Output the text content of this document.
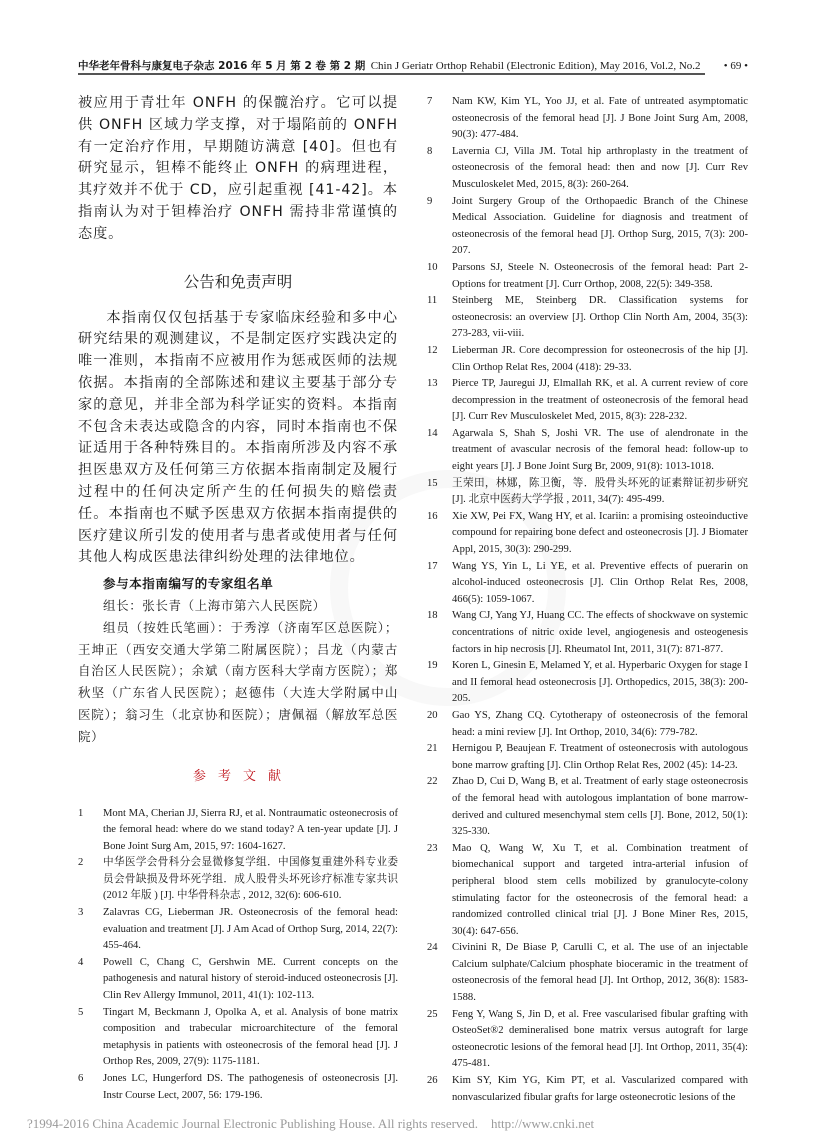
中华老年骨科与康复电子杂志 2016 年 5 月 第 2 卷 第 2 期 Chin J Geriatr Orthop Rehabil (Electronic Edition), May 2016, Vol.2, No.2	• 69 •

被应用于青壮年 ONFH 的保髋治疗。它可以提供 ONFH 区域力学支撑，对于塌陷前的 ONFH 有一定治疗作用，早期随访满意 [40]。但也有研究显示，钽棒不能终止 ONFH 的病理进程，其疗效并不优于 CD，应引起重视 [41-42]。本指南认为对于钽棒治疗 ONFH 需持非常谨慎的态度。

公告和免责声明

本指南仅仅包括基于专家临床经验和多中心研究结果的观测建议，不是制定医疗实践决定的唯一准则，本指南不应被用作为惩戒医师的法规依据。本指南的全部陈述和建议主要基于部分专家的意见，并非全部为科学证实的资料。本指南不包含未表达或隐含的内容，同时本指南也不保证适用于各种特殊目的。本指南所涉及内容不承担医患双方及任何第三方依据本指南制定及履行过程中的任何决定所产生的任何损失的赔偿责任。本指南也不赋予医患双方依据本指南提供的医疗建议所引发的使用者与患者或使用者与任何其他人构成医患法律纠纷处理的法律地位。

参与本指南编写的专家组名单

组长：张长青（上海市第六人民医院）

组员（按姓氏笔画）：于秀淳（济南军区总医院）；王坤正（西安交通大学第二附属医院）；吕龙（内蒙古自治区人民医院）；余斌（南方医科大学南方医院）；郑秋坚（广东省人民医院）；赵德伟（大连大学附属中山医院）；翁习生（北京协和医院）；唐佩福（解放军总医院）

参考文献
1	Mont MA, Cherian JJ, Sierra RJ, et al. Nontraumatic osteonecrosis of the femoral head: where do we stand today? A ten-year update [J]. J Bone Joint Surg Am, 2015, 97: 1604-1627.
2	中华医学会骨科分会显微修复学组．中国修复重建外科专业委员会骨缺损及骨坏死学组．成人股骨头坏死诊疗标准专家共识 (2012 年版 ) [J]. 中华骨科杂志 , 2012, 32(6): 606-610.
3	Zalavras CG, Lieberman JR. Osteonecrosis of the femoral head: evaluation and treatment [J]. J Am Acad of Orthop Surg, 2014, 22(7): 455-464.
4	Powell C, Chang C, Gershwin ME. Current concepts on the pathogenesis and natural history of steroid-induced osteonecrosis [J]. Clin Rev Allergy Immunol, 2011, 41(1): 102-113.
5	Tingart M, Beckmann J, Opolka A, et al. Analysis of bone matrix composition and trabecular microarchitecture of the femoral metaphysis in patients with osteonecrosis of the femoral head [J]. J Orthop Res, 2009, 27(9): 1175-1181.
6	Jones LC, Hungerford DS. The pathogenesis of osteonecrosis [J]. Instr Course Lect, 2007, 56: 179-196.
7	Nam KW, Kim YL, Yoo JJ, et al. Fate of untreated asymptomatic osteonecrosis of the femoral head [J]. J Bone Joint Surg Am, 2008, 90(3): 477-484.
8	Lavernia CJ, Villa JM. Total hip arthroplasty in the treatment of osteonecrosis of the femoral head: then and now [J]. Curr Rev Musculoskelet Med, 2015, 8(3): 260-264.
9	Joint Surgery Group of the Orthopaedic Branch of the Chinese Medical Association. Guideline for diagnosis and treatment of osteonecrosis of the femoral head [J]. Orthop Surg, 2015, 7(3): 200-207.
10	Parsons SJ, Steele N. Osteonecrosis of the femoral head: Part 2-Options for treatment [J]. Curr Orthop, 2008, 22(5): 349-358.
11	Steinberg ME, Steinberg DR. Classification systems for osteonecrosis: an overview [J]. Orthop Clin North Am, 2004, 35(3): 273-283, vii-viii.
12	Lieberman JR. Core decompression for osteonecrosis of the hip [J]. Clin Orthop Relat Res, 2004 (418): 29-33.
13	Pierce TP, Jauregui JJ, Elmallah RK, et al. A current review of core decompression in the treatment of osteonecrosis of the femoral head [J]. Curr Rev Musculoskelet Med, 2015, 8(3): 228-232.
14	Agarwala S, Shah S, Joshi VR. The use of alendronate in the treatment of avascular necrosis of the femoral head: follow-up to eight years [J]. J Bone Joint Surg Br, 2009, 91(8): 1013-1018.
15	王荣田，林娜，陈卫衡，等．股骨头坏死的证素辩证初步研究 [J]. 北京中医药大学学报 , 2011, 34(7): 495-499.
16	Xie XW, Pei FX, Wang HY, et al. Icariin: a promising osteoinductive compound for repairing bone defect and osteonecrosis [J]. J Biomater Appl, 2015, 30(3): 290-299.
17	Wang YS, Yin L, Li YE, et al. Preventive effects of puerarin on alcohol-induced osteonecrosis [J]. Clin Orthop Relat Res, 2008, 466(5): 1059-1067.
18	Wang CJ, Yang YJ, Huang CC. The effects of shockwave on systemic concentrations of nitric oxide level, angiogenesis and osteogenesis factors in hip necrosis [J]. Rheumatol Int, 2011, 31(7): 871-877.
19	Koren L, Ginesin E, Melamed Y, et al. Hyperbaric Oxygen for stage I and II femoral head osteonecrosis [J]. Orthopedics, 2015, 38(3): 200-205.
20	Gao YS, Zhang CQ. Cytotherapy of osteonecrosis of the femoral head: a mini review [J]. Int Orthop, 2010, 34(6): 779-782.
21	Hernigou P, Beaujean F. Treatment of osteonecrosis with autologous bone marrow grafting [J]. Clin Orthop Relat Res, 2002 (45): 14-23.
22	Zhao D, Cui D, Wang B, et al. Treatment of early stage osteonecrosis of the femoral head with autologous implantation of bone marrow-derived and cultured mesenchymal stem cells [J]. Bone, 2012, 50(1): 325-330.
23	Mao Q, Wang W, Xu T, et al. Combination treatment of biomechanical support and targeted intra-arterial infusion of peripheral blood stem cells mobilized by granulocyte-colony stimulating factor for the osteonecrosis of the femoral head: a randomized controlled clinical trial [J]. J Bone Miner Res, 2015, 30(4): 647-656.
24	Civinini R, De Biase P, Carulli C, et al. The use of an injectable Calcium sulphate/Calcium phosphate bioceramic in the treatment of osteonecrosis of the femoral head [J]. Int Orthop, 2012, 36(8): 1583-1588.
25	Feng Y, Wang S, Jin D, et al. Free vascularised fibular grafting with OsteoSet®2 demineralised bone matrix versus autograft for large osteonecrotic lesions of the femoral head [J]. Int Orthop, 2011, 35(4): 475-481.
26	Kim SY, Kim YG, Kim PT, et al. Vascularized compared with nonvascularized fibular grafts for large osteonecrotic lesions of the
?1994-2016 China Academic Journal Electronic Publishing House. All rights reserved.    http://www.cnki.net
